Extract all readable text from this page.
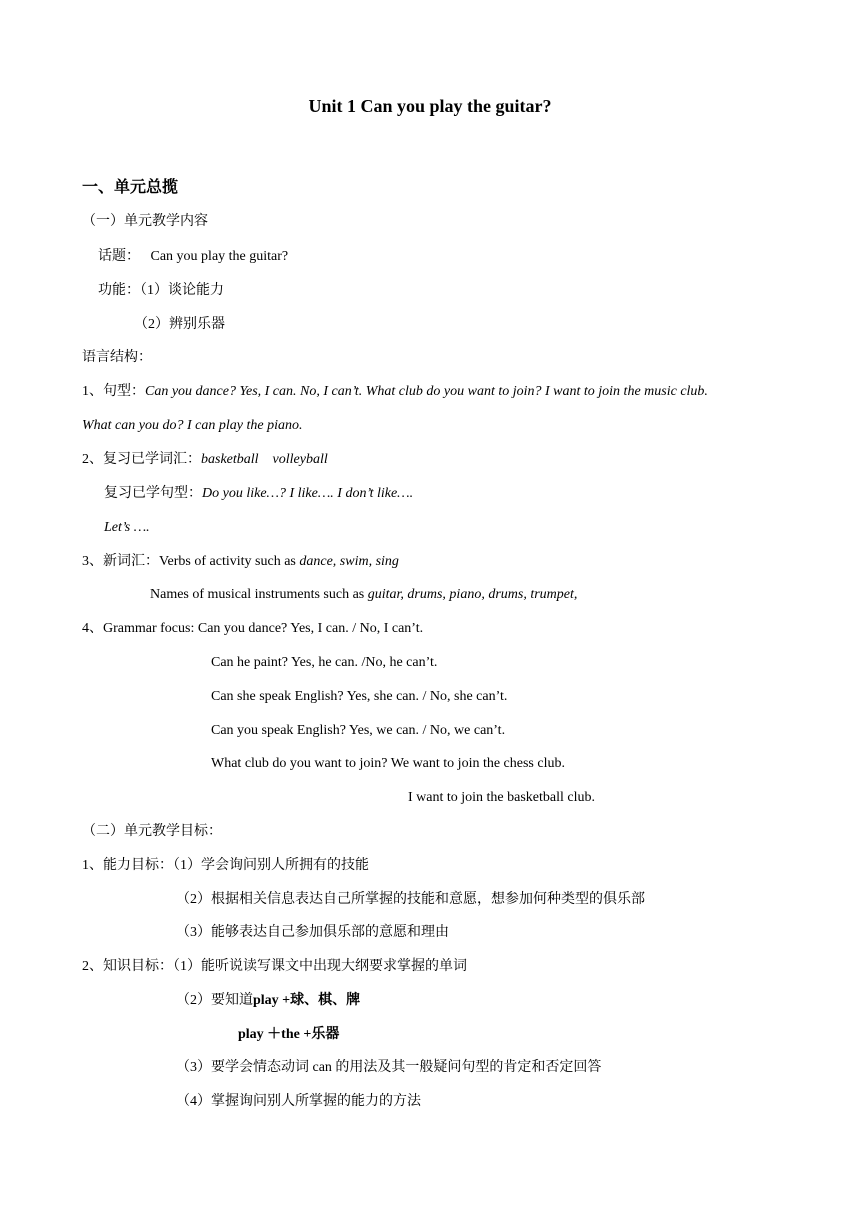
Unit 1 Can you play the guitar?
一、单元总揽
（一）单元教学内容
话题： Can you play the guitar?
功能：（1）谈论能力
（2）辨别乐器
语言结构：
1、句型：Can you dance? Yes, I can. No, I can’t. What club do you want to join? I want to join the music club.
What can you do? I can play the piano.
2、复习已学词汇：basketball    volleyball
复习已学句型：Do you like…? I like…. I don’t like….
Let’s ….
3、新词汇：Verbs of activity such as dance, swim, sing
Names of musical instruments such as guitar, drums, piano, drums, trumpet,
4、Grammar focus: Can you dance? Yes, I can. / No, I can’t.
Can he paint? Yes, he can. /No, he can’t.
Can she speak English? Yes, she can. / No, she can’t.
Can you speak English? Yes, we can. / No, we can’t.
What club do you want to join? We want to join the chess club.
I want to join the basketball club.
（二）单元教学目标：
1、能力目标：（1）学会询问别人所拥有的技能
（2）根据相关信息表达自己所掌握的技能和意愿，想参加何种类型的俱乐部
（3）能够表达自己参加俱乐部的意愿和理由
2、知识目标：（1）能听说读写课文中出现大纲要求掌握的单词
（2）要知道play +球、棋、牌
play ＋the +乐器
（3）要学会情态动词 can 的用法及其一般疑问句型的肯定和否定回答
（4）掌握询问别人所掌握的能力的方法
